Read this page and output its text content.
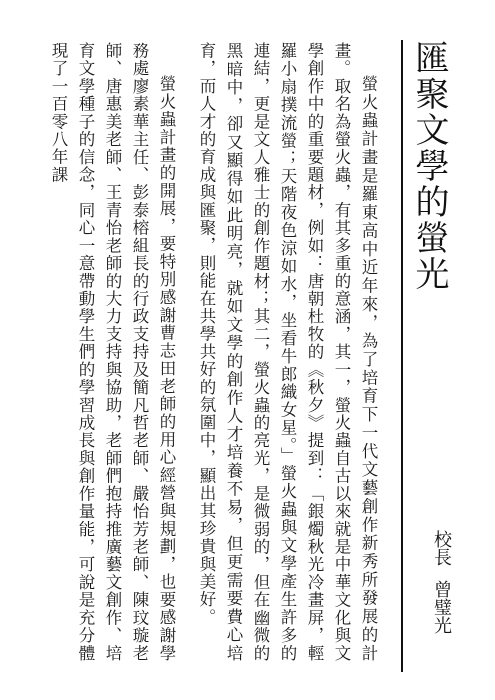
匯聚文學的螢光
校長曾璧光

螢火蟲計畫是羅東高中近年來，為了培育下一代文藝創作新秀所發展的計畫。取名為螢火蟲，有其多重的意涵，其一，螢火蟲自古以來就是中華文化與文學創作中的重要題材，例如：唐朝杜牧的《秋夕》提到：「銀燭秋光冷畫屏，輕羅小扇撲流螢；天階夜色涼如水，坐看牛郎織女星。」螢火蟲與文學產生許多的連結，更是文人雅士的創作題材；其二，螢火蟲的亮光，是微弱的，但在幽微的黑暗中，卻又顯得如此明亮，就如文學的創作人才培養不易，但更需要費心培育，而人才的育成與匯聚，則能在共學共好的氛圍中，顯出其珍貴與美好。

螢火蟲計畫的開展，要特別感謝曹志田老師的用心經營與規劃，也要感謝學務處廖素華主任、彭泰榕組長的行政支持及簡凡哲老師、嚴怡芳老師、陳玟璇老師、唐惠美老師、王青怡老師的大力支持與協助，老師們抱持推廣藝文創作、培育文學種子的信念，同心一意帶動學生們的學習成長與創作量能，可說是充分體現了一百零八年課
